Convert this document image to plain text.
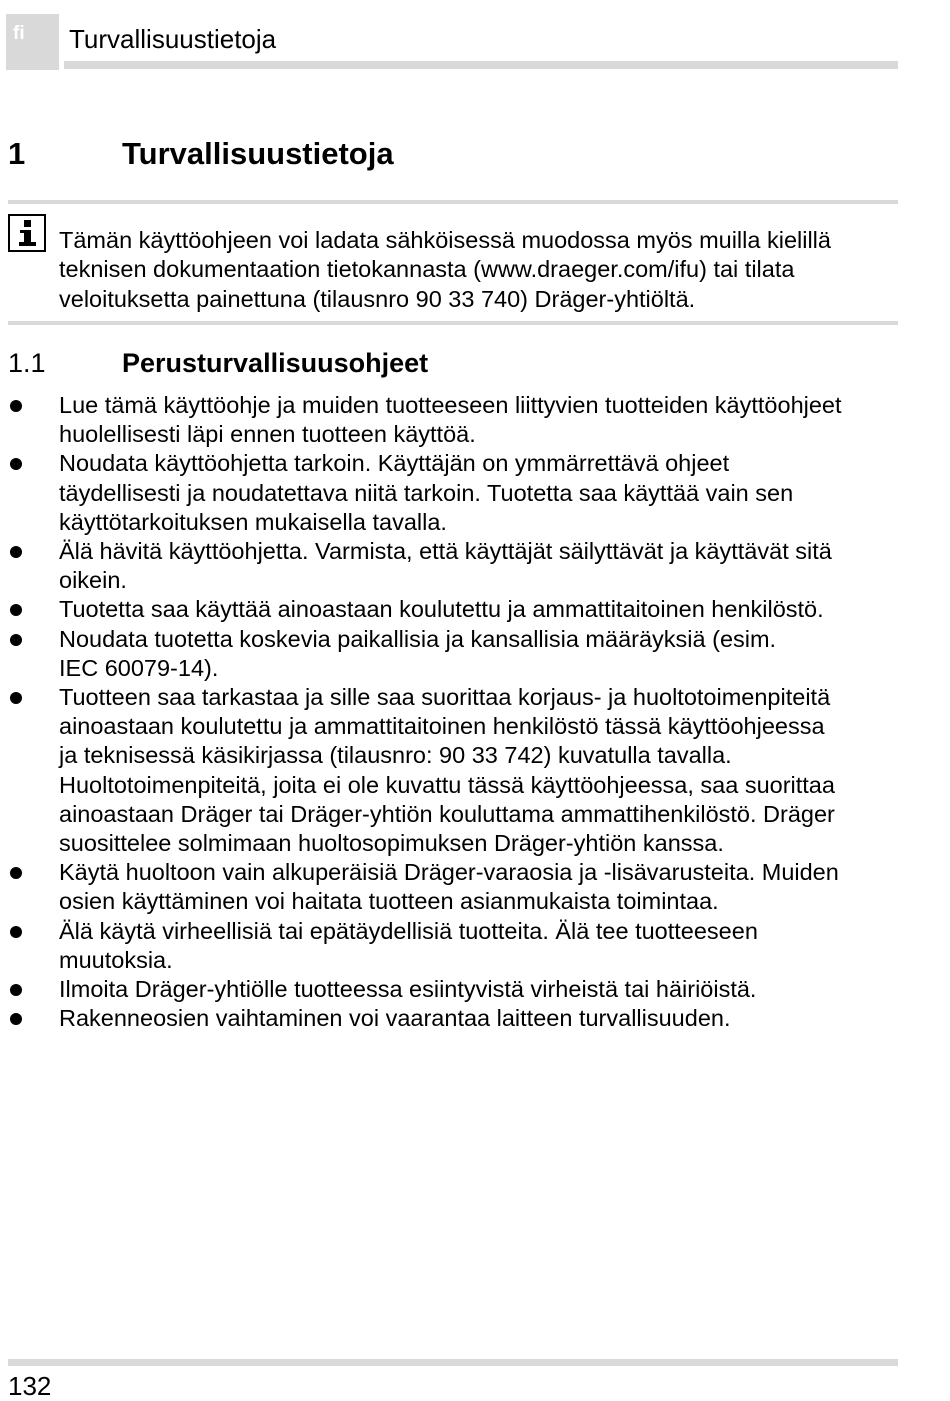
fi Turvallisuustietoja
1	Turvallisuustietoja
Tämän käyttöohjeen voi ladata sähköisessä muodossa myös muilla kielillä
teknisen dokumentaation tietokannasta (www.draeger.com/ifu) tai tilata
veloituksetta painettuna (tilausnro 90 33 740) Dräger-yhtiöltä.
1.1	Perusturvallisuusohjeet
Lue tämä käyttöohje ja muiden tuotteeseen liittyvien tuotteiden käyttöohjeet
huolellisesti läpi ennen tuotteen käyttöä.
Noudata käyttöohjetta tarkoin. Käyttäjän on ymmärrettävä ohjeet
täydellisesti ja noudatettava niitä tarkoin. Tuotetta saa käyttää vain sen
käyttötarkoituksen mukaisella tavalla.
Älä hävitä käyttöohjetta. Varmista, että käyttäjät säilyttävät ja käyttävät sitä
oikein.
Tuotetta saa käyttää ainoastaan koulutettu ja ammattitaitoinen henkilöstö.
Noudata tuotetta koskevia paikallisia ja kansallisia määräyksiä (esim.
IEC 60079-14).
Tuotteen saa tarkastaa ja sille saa suorittaa korjaus- ja huoltotoimenpiteitä
ainoastaan koulutettu ja ammattitaitoinen henkilöstö tässä käyttöohjeessa
ja teknisessä käsikirjassa (tilausnro: 90 33 742) kuvatulla tavalla.
Huoltotoimenpiteitä, joita ei ole kuvattu tässä käyttöohjeessa, saa suorittaa
ainoastaan Dräger tai Dräger-yhtiön kouluttama ammattihenkilöstö. Dräger
suosittelee solmimaan huoltosopimuksen Dräger-yhtiön kanssa.
Käytä huoltoon vain alkuperäisiä Dräger-varaosia ja -lisävarusteita. Muiden
osien käyttäminen voi haitata tuotteen asianmukaista toimintaa.
Älä käytä virheellisiä tai epätäydellisiä tuotteita. Älä tee tuotteeseen
muutoksia.
Ilmoita Dräger-yhtiölle tuotteessa esiintyvistä virheistä tai häiriöistä.
Rakenneosien vaihtaminen voi vaarantaa laitteen turvallisuuden.
132
